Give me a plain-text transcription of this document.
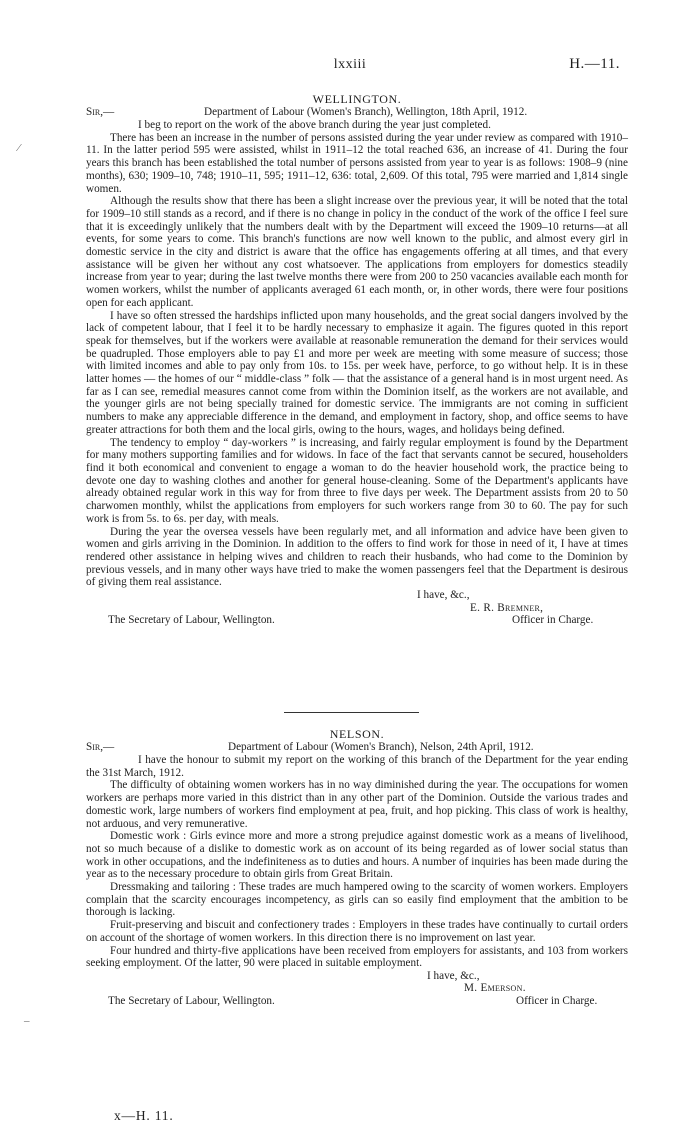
lxxiii	H.—11.
WELLINGTON.
Sir,—	Department of Labour (Women's Branch), Wellington, 18th April, 1912.

I beg to report on the work of the above branch during the year just completed.

There has been an increase in the number of persons assisted during the year under review as compared with 1910–11. In the latter period 595 were assisted, whilst in 1911–12 the total reached 636, an increase of 41. During the four years this branch has been established the total number of persons assisted from year to year is as follows: 1908–9 (nine months), 630; 1909–10, 748; 1910–11, 595; 1911–12, 636: total, 2,609. Of this total, 795 were married and 1,814 single women.

Although the results show that there has been a slight increase over the previous year, it will be noted that the total for 1909–10 still stands as a record, and if there is no change in policy in the conduct of the work of the office I feel sure that it is exceedingly unlikely that the numbers dealt with by the Department will exceed the 1909–10 returns—at all events, for some years to come. This branch's functions are now well known to the public, and almost every girl in domestic service in the city and district is aware that the office has engagements offering at all times, and that every assistance will be given her without any cost whatsoever. The applications from employers for domestics steadily increase from year to year; during the last twelve months there were from 200 to 250 vacancies available each month for women workers, whilst the number of applicants averaged 61 each month, or, in other words, there were four positions open for each applicant.

I have so often stressed the hardships inflicted upon many households, and the great social dangers involved by the lack of competent labour, that I feel it to be hardly necessary to emphasize it again. The figures quoted in this report speak for themselves, but if the workers were available at reasonable remuneration the demand for their services would be quadrupled. Those employers able to pay £1 and more per week are meeting with some measure of success; those with limited incomes and able to pay only from 10s. to 15s. per week have, perforce, to go without help. It is in these latter homes — the homes of our “ middle-class ” folk — that the assistance of a general hand is in most urgent need. As far as I can see, remedial measures cannot come from within the Dominion itself, as the workers are not available, and the younger girls are not being specially trained for domestic service. The immigrants are not coming in sufficient numbers to make any appreciable difference in the demand, and employment in factory, shop, and office seems to have greater attractions for both them and the local girls, owing to the hours, wages, and holidays being defined.

The tendency to employ “ day-workers ” is increasing, and fairly regular employment is found by the Department for many mothers supporting families and for widows. In face of the fact that servants cannot be secured, householders find it both economical and convenient to engage a woman to do the heavier household work, the practice being to devote one day to washing clothes and another for general house-cleaning. Some of the Department's applicants have already obtained regular work in this way for from three to five days per week. The Department assists from 20 to 50 charwomen monthly, whilst the applications from employers for such workers range from 30 to 60. The pay for such work is from 5s. to 6s. per day, with meals.

During the year the oversea vessels have been regularly met, and all information and advice have been given to women and girls arriving in the Dominion. In addition to the offers to find work for those in need of it, I have at times rendered other assistance in helping wives and children to reach their husbands, who had come to the Dominion by previous vessels, and in many other ways have tried to make the women passengers feel that the Department is desirous of giving them real assistance.

I have, &c.,
E. R. Bremner,
The Secretary of Labour, Wellington.	Officer in Charge.
NELSON.
Sir,—	Department of Labour (Women's Branch), Nelson, 24th April, 1912.

I have the honour to submit my report on the working of this branch of the Department for the year ending the 31st March, 1912.

The difficulty of obtaining women workers has in no way diminished during the year. The occupations for women workers are perhaps more varied in this district than in any other part of the Dominion. Outside the various trades and domestic work, large numbers of workers find employment at pea, fruit, and hop picking. This class of work is healthy, not arduous, and very remunerative.

Domestic work : Girls evince more and more a strong prejudice against domestic work as a means of livelihood, not so much because of a dislike to domestic work as on account of its being regarded as of lower social status than work in other occupations, and the indefiniteness as to duties and hours. A number of inquiries has been made during the year as to the necessary procedure to obtain girls from Great Britain.

Dressmaking and tailoring : These trades are much hampered owing to the scarcity of women workers. Employers complain that the scarcity encourages incompetency, as girls can so easily find employment that the ambition to be thorough is lacking.

Fruit-preserving and biscuit and confectionery trades : Employers in these trades have continually to curtail orders on account of the shortage of women workers. In this direction there is no improvement on last year.

Four hundred and thirty-five applications have been received from employers for assistants, and 103 from workers seeking employment. Of the latter, 90 were placed in suitable employment.

I have, &c.,
M. Emerson.
The Secretary of Labour, Wellington.	Officer in Charge.
x—H. 11.
⁄
–
